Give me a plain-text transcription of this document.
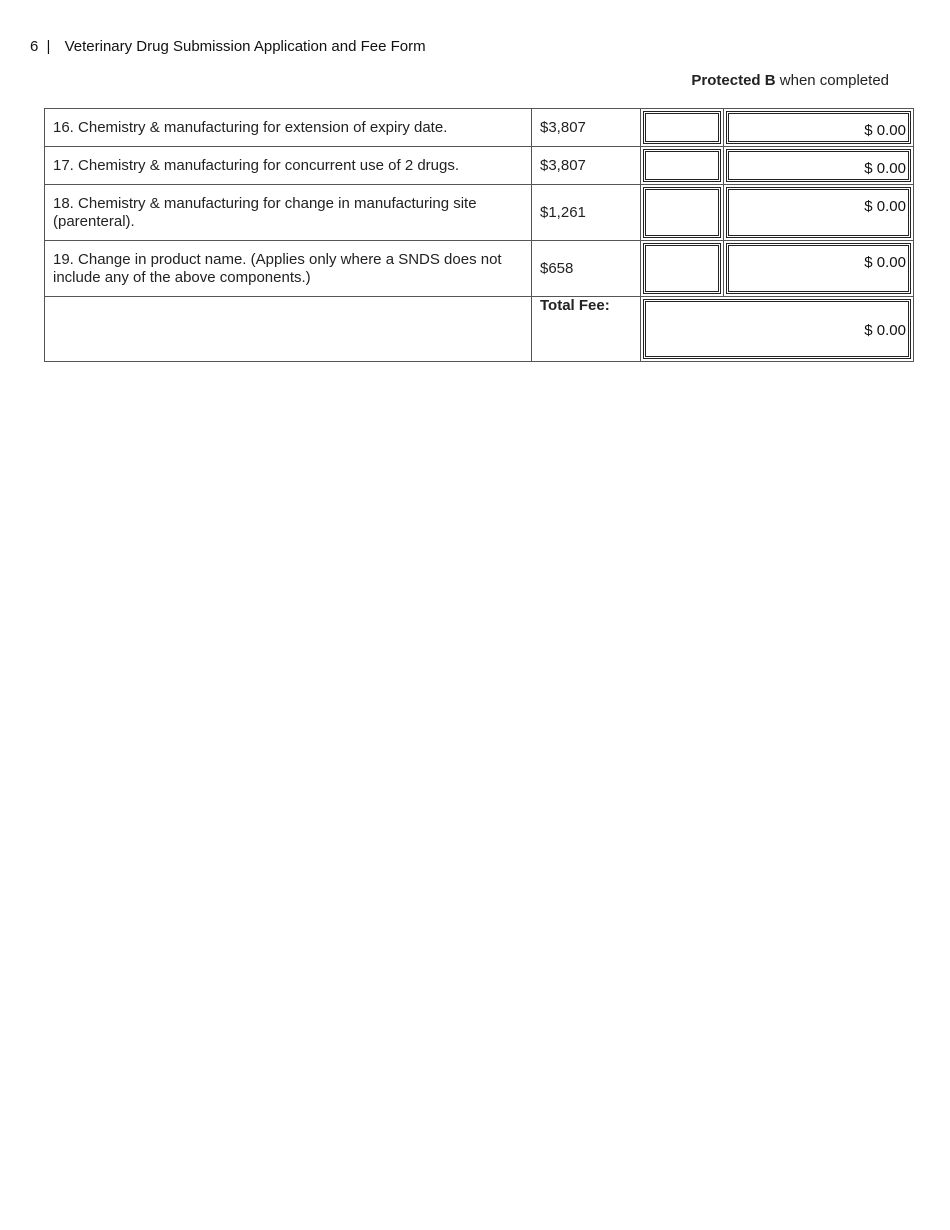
6 | Veterinary Drug Submission Application and Fee Form
Protected B when completed
16. Chemistry & manufacturing for extension of expiry date.	$3,807		$ 0.00

17. Chemistry & manufacturing for concurrent use of 2 drugs.	$3,807		$ 0.00

18. Chemistry & manufacturing for change in manufacturing site (parenteral).	$1,261		$ 0.00

19. Change in product name. (Applies only where a SNDS does not include any of the above components.)	$658		$ 0.00

	Total Fee:	$ 0.00	
